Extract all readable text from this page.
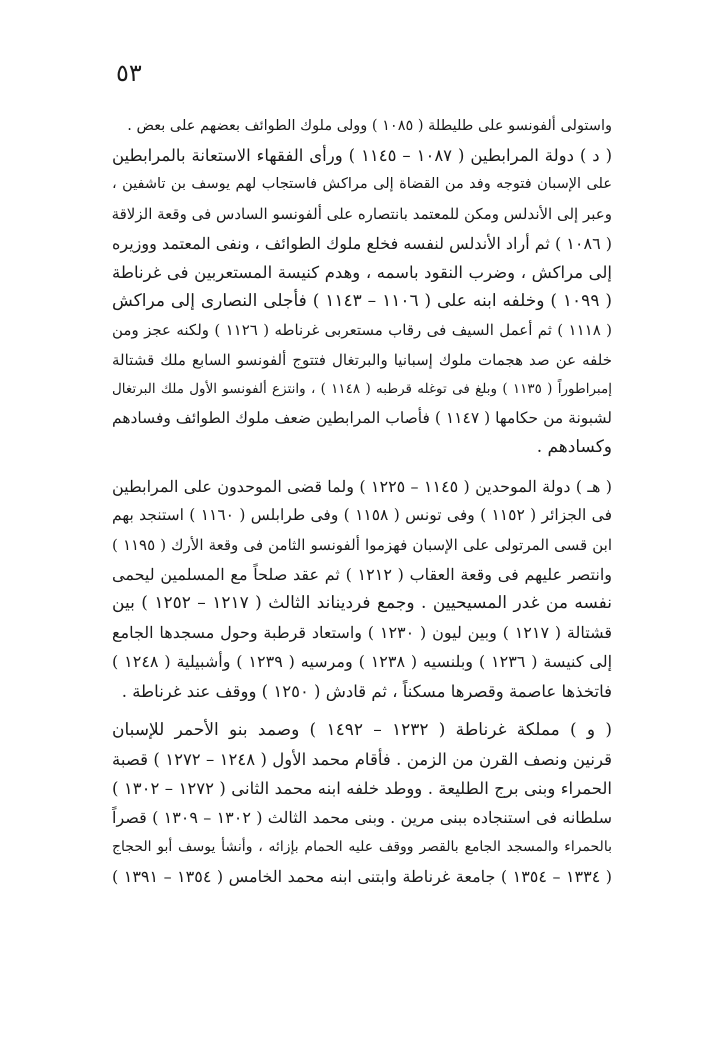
٥٣
واستولى ألفونسو على طليطلة ( ١٠٨٥ ) وولى ملوك الطوائف بعضهم على بعض .
( د ) دولة المرابطين ( ١٠٨٧ – ١١٤٥ ) ورأى الفقهاء الاستعانة بالمرابطين
على الإسبان فتوجه وفد من القضاة إلى مراكش فاستجاب لهم يوسف بن تاشفين ،
وعبر إلى الأندلس ومكن للمعتمد بانتصاره على ألفونسو السادس فى وقعة الزلاقة
( ١٠٨٦ ) ثم أراد الأندلس لنفسه فخلع ملوك الطوائف ، ونفى المعتمد ووزيره
إلى مراكش ، وضرب النقود باسمه ، وهدم كنيسة المستعربين فى غرناطة
( ١٠٩٩ ) وخلفه ابنه على ( ١١٠٦ – ١١٤٣ ) فأجلى النصارى إلى مراكش
( ١١١٨ ) ثم أعمل السيف فى رقاب مستعربى غرناطه ( ١١٢٦ ) ولكنه عجز ومن
خلفه عن صد هجمات ملوك إسبانيا والبرتغال فتتوج ألفونسو السابع ملك قشتالة
إمبراطوراً ( ١١٣٥ ) وبلغ فى توغله قرطبه ( ١١٤٨ ) ، وانتزع ألفونسو الأول ملك البرتغال
لشبونة من حكامها ( ١١٤٧ ) فأصاب المرابطين ضعف ملوك الطوائف وفسادهم
وكسادهم .
( هـ ) دولة الموحدين ( ١١٤٥ – ١٢٢٥ ) ولما قضى الموحدون على المرابطين
فى الجزائر ( ١١٥٢ ) وفى تونس ( ١١٥٨ ) وفى طرابلس ( ١١٦٠ ) استنجد بهم
ابن قسى المرتولى على الإسبان فهزموا ألفونسو الثامن فى وقعة الأرك ( ١١٩٥ )
وانتصر عليهم فى وقعة العقاب ( ١٢١٢ ) ثم عقد صلحاً مع المسلمين ليحمى
نفسه من غدر المسيحيين . وجمع فرديناند الثالث ( ١٢١٧ – ١٢٥٢ ) بين
قشتالة ( ١٢١٧ ) وبين ليون ( ١٢٣٠ ) واستعاد قرطبة وحول مسجدها الجامع
إلى كنيسة ( ١٢٣٦ ) وبلنسيه ( ١٢٣٨ ) ومرسيه ( ١٢٣٩ ) وأشبيلية ( ١٢٤٨ )
فاتخذها عاصمة وقصرها مسكناً ، ثم قادش ( ١٢٥٠ ) ووقف عند غرناطة .
( و ) مملكة غرناطة ( ١٢٣٢ – ١٤٩٢ ) وصمد بنو الأحمر للإسبان
قرنين ونصف القرن من الزمن . فأقام محمد الأول ( ١٢٤٨ – ١٢٧٢ ) قصبة
الحمراء وبنى برج الطليعة . ووطد خلفه ابنه محمد الثانى ( ١٢٧٢ – ١٣٠٢ )
سلطانه فى استنجاده ببنى مرين . وبنى محمد الثالث ( ١٣٠٢ – ١٣٠٩ ) قصراً
بالحمراء والمسجد الجامع بالقصر ووقف عليه الحمام بإزائه ، وأنشأ يوسف أبو الحجاج
( ١٣٣٤ – ١٣٥٤ ) جامعة غرناطة وابتنى ابنه محمد الخامس ( ١٣٥٤ – ١٣٩١ )
